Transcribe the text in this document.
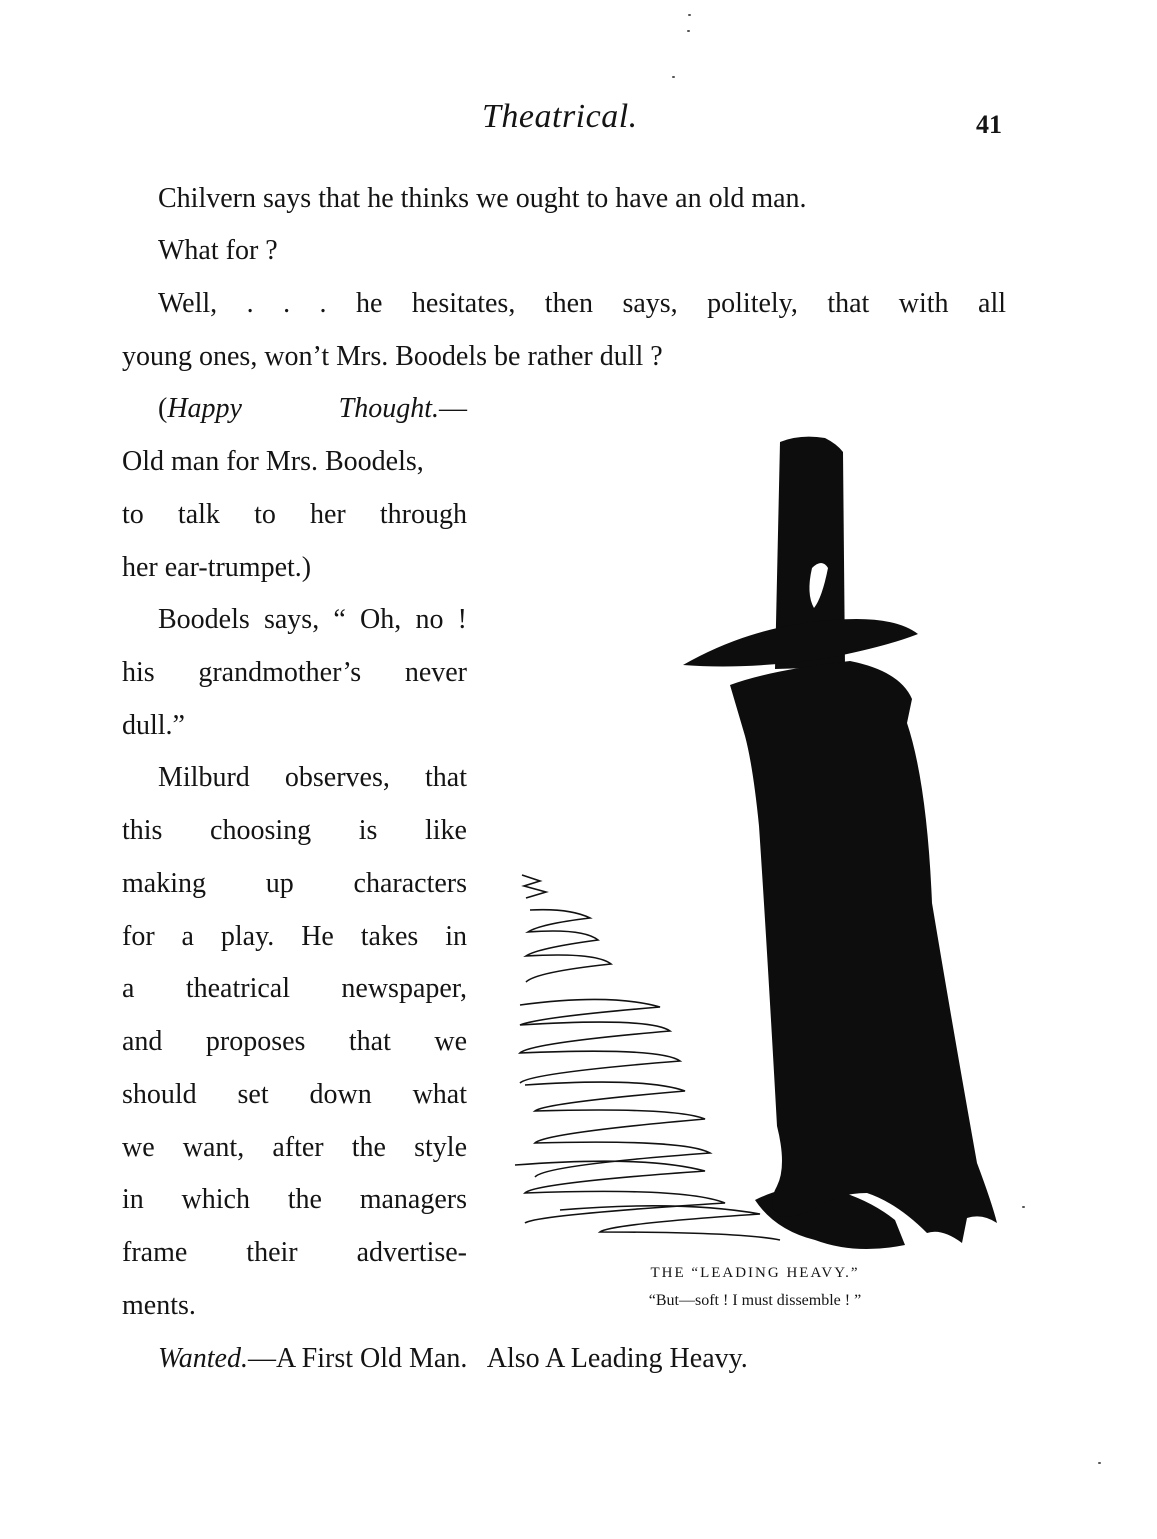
Theatrical.	41
Chilvern says that he thinks we ought to have an old man.
What for ?
Well, . . . he hesitates, then says, politely, that with all
young ones, won’t Mrs. Boodels be rather dull ?
(Happy	Thought.—
Old man for Mrs. Boodels,
to talk to her through
her ear-trumpet.)
Boodels says, “ Oh, no !
his grandmother’s never
dull.”
Milburd observes, that
this choosing is like
making up characters
for a play. He takes in
a theatrical newspaper,
and proposes that we
should set down what
we want, after the style
in which the managers
frame their advertise-
ments.
Wanted.—A First Old Man.   Also A Leading Heavy.
THE “LEADING HEAVY.”
“But—soft ! I must dissemble ! ”
